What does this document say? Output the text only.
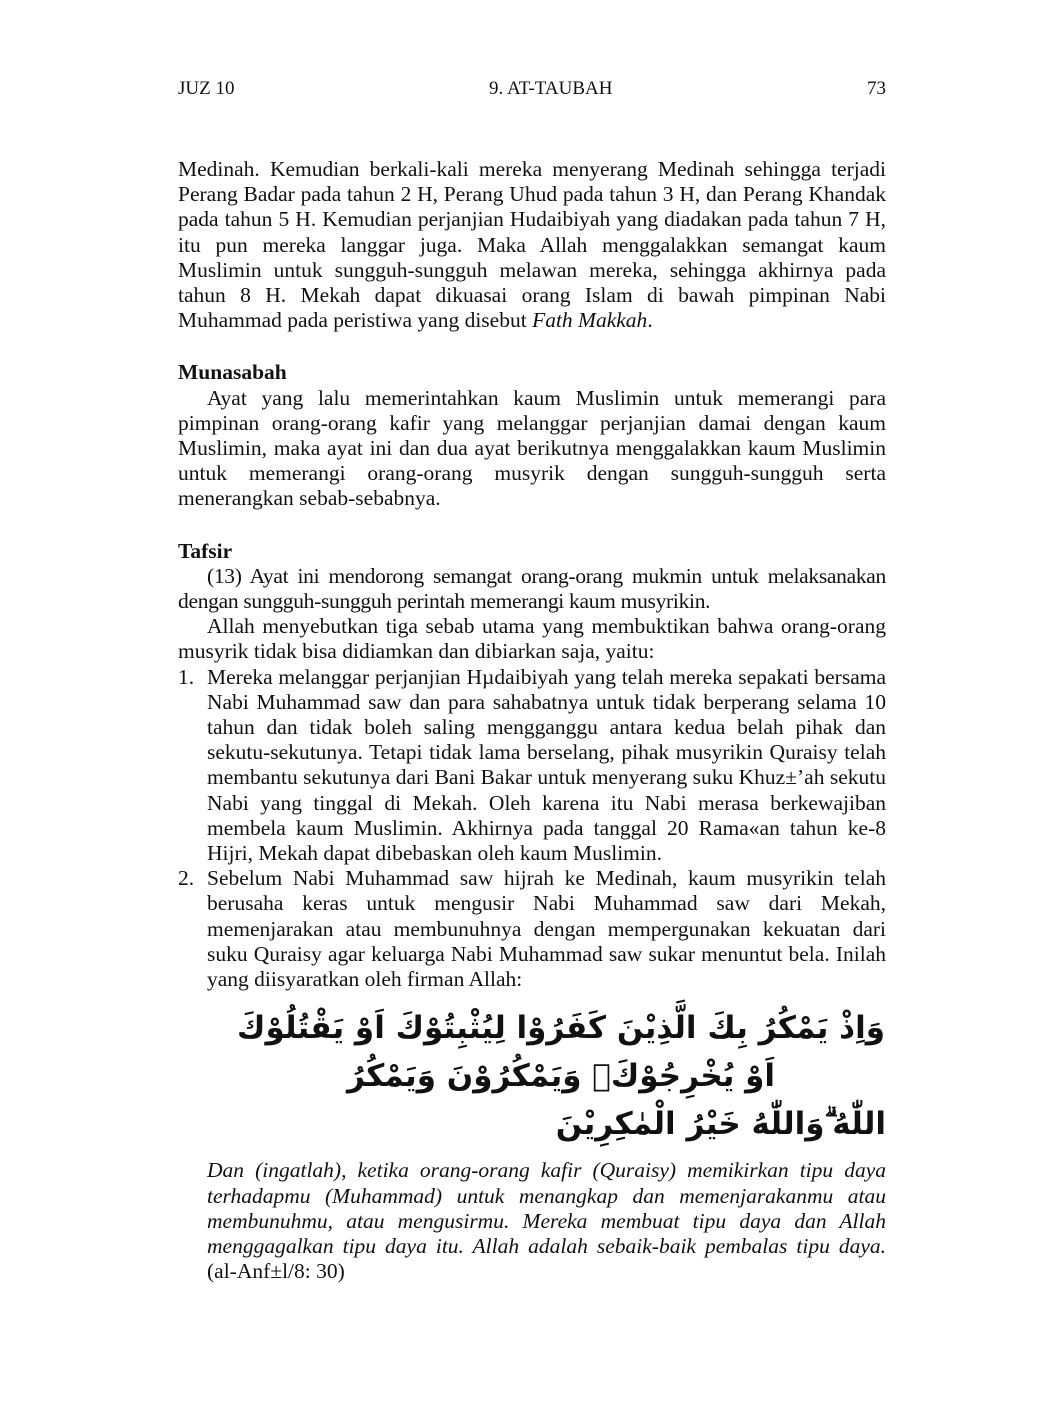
JUZ 10	9. AT-TAUBAH	73

Medinah. Kemudian berkali-kali mereka menyerang Medinah sehingga terjadi Perang Badar pada tahun 2 H, Perang Uhud pada tahun 3 H, dan Perang Khandak pada tahun 5 H. Kemudian perjanjian Hudaibiyah yang diadakan pada tahun 7 H, itu pun mereka langgar juga. Maka Allah menggalakkan semangat kaum Muslimin untuk sungguh-sungguh melawan mereka, sehingga akhirnya pada tahun 8 H. Mekah dapat dikuasai orang Islam di bawah pimpinan Nabi Muhammad pada peristiwa yang disebut Fath Makkah.

Munasabah

Ayat yang lalu memerintahkan kaum Muslimin untuk memerangi para pimpinan orang-orang kafir yang melanggar perjanjian damai dengan kaum Muslimin, maka ayat ini dan dua ayat berikutnya menggalakkan kaum Muslimin untuk memerangi orang-orang musyrik dengan sungguh-sungguh serta menerangkan sebab-sebabnya.

Tafsir

(13) Ayat ini mendorong semangat orang-orang mukmin untuk melaksanakan dengan sungguh-sungguh perintah memerangi kaum musyrikin.

Allah menyebutkan tiga sebab utama yang membuktikan bahwa orang-orang musyrik tidak bisa didiamkan dan dibiarkan saja, yaitu:

1. Mereka melanggar perjanjian Hµdaibiyah yang telah mereka sepakati bersama Nabi Muhammad saw dan para sahabatnya untuk tidak berperang selama 10 tahun dan tidak boleh saling mengganggu antara kedua belah pihak dan sekutu-sekutunya. Tetapi tidak lama berselang, pihak musyrikin Quraisy telah membantu sekutunya dari Bani Bakar untuk menyerang suku Khuz±’ah sekutu Nabi yang tinggal di Mekah. Oleh karena itu Nabi merasa berkewajiban membela kaum Muslimin. Akhirnya pada tanggal 20 Rama«an tahun ke-8 Hijri, Mekah dapat dibebaskan oleh kaum Muslimin.
2. Sebelum Nabi Muhammad saw hijrah ke Medinah, kaum musyrikin telah berusaha keras untuk mengusir Nabi Muhammad saw dari Mekah, memenjarakan atau membunuhnya dengan mempergunakan kekuatan dari suku Quraisy agar keluarga Nabi Muhammad saw sukar menuntut bela. Inilah yang diisyaratkan oleh firman Allah:
وَاِذْ يَمْكُرُ بِكَ الَّذِيْنَ كَفَرُوْا لِيُثْبِتُوْكَ اَوْ يَقْتُلُوْكَ اَوْ يُخْرِجُوْكَۗ وَيَمْكُرُوْنَ وَيَمْكُرُ
اللّٰهُ ۗوَاللّٰهُ خَيْرُ الْمٰكِرِيْنَ

Dan (ingatlah), ketika orang-orang kafir (Quraisy) memikirkan tipu daya terhadapmu (Muhammad) untuk menangkap dan memenjarakanmu atau membunuhmu, atau mengusirmu. Mereka membuat tipu daya dan Allah menggagalkan tipu daya itu. Allah adalah sebaik-baik pembalas tipu daya. (al-Anf±l/8: 30)
